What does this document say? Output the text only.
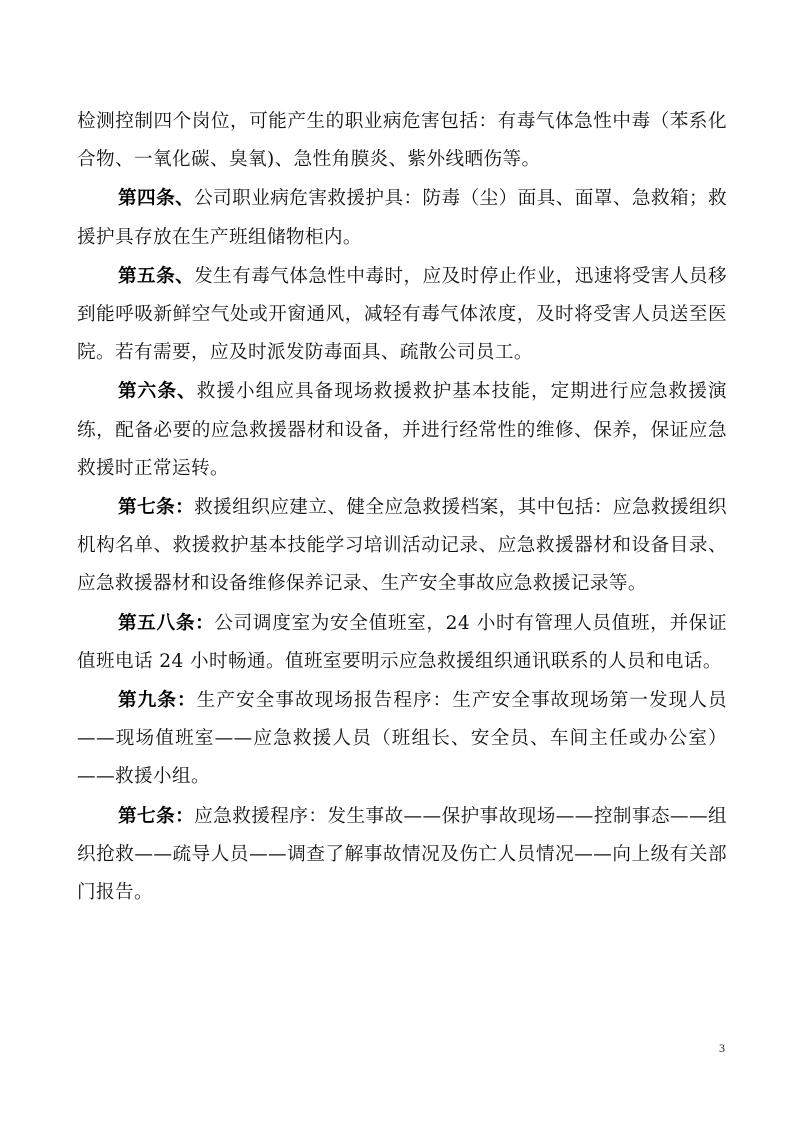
检测控制四个岗位，可能产生的职业病危害包括：有毒气体急性中毒（苯系化合物、一氧化碳、臭氧)、急性角膜炎、紫外线晒伤等。

第四条、公司职业病危害救援护具：防毒（尘）面具、面罩、急救箱；救援护具存放在生产班组储物柜内。

第五条、发生有毒气体急性中毒时，应及时停止作业，迅速将受害人员移到能呼吸新鲜空气处或开窗通风，减轻有毒气体浓度，及时将受害人员送至医院。若有需要，应及时派发防毒面具、疏散公司员工。

第六条、救援小组应具备现场救援救护基本技能，定期进行应急救援演练，配备必要的应急救援器材和设备，并进行经常性的维修、保养，保证应急救援时正常运转。

第七条：救援组织应建立、健全应急救援档案，其中包括：应急救援组织机构名单、救援救护基本技能学习培训活动记录、应急救援器材和设备目录、应急救援器材和设备维修保养记录、生产安全事故应急救援记录等。

第五八条：公司调度室为安全值班室，24 小时有管理人员值班，并保证值班电话 24 小时畅通。值班室要明示应急救援组织通讯联系的人员和电话。

第九条：生产安全事故现场报告程序：生产安全事故现场第一发现人员——现场值班室——应急救援人员（班组长、安全员、车间主任或办公室）——救援小组。

第七条：应急救援程序：发生事故——保护事故现场——控制事态——组织抢救——疏导人员——调查了解事故情况及伤亡人员情况——向上级有关部门报告。

3
